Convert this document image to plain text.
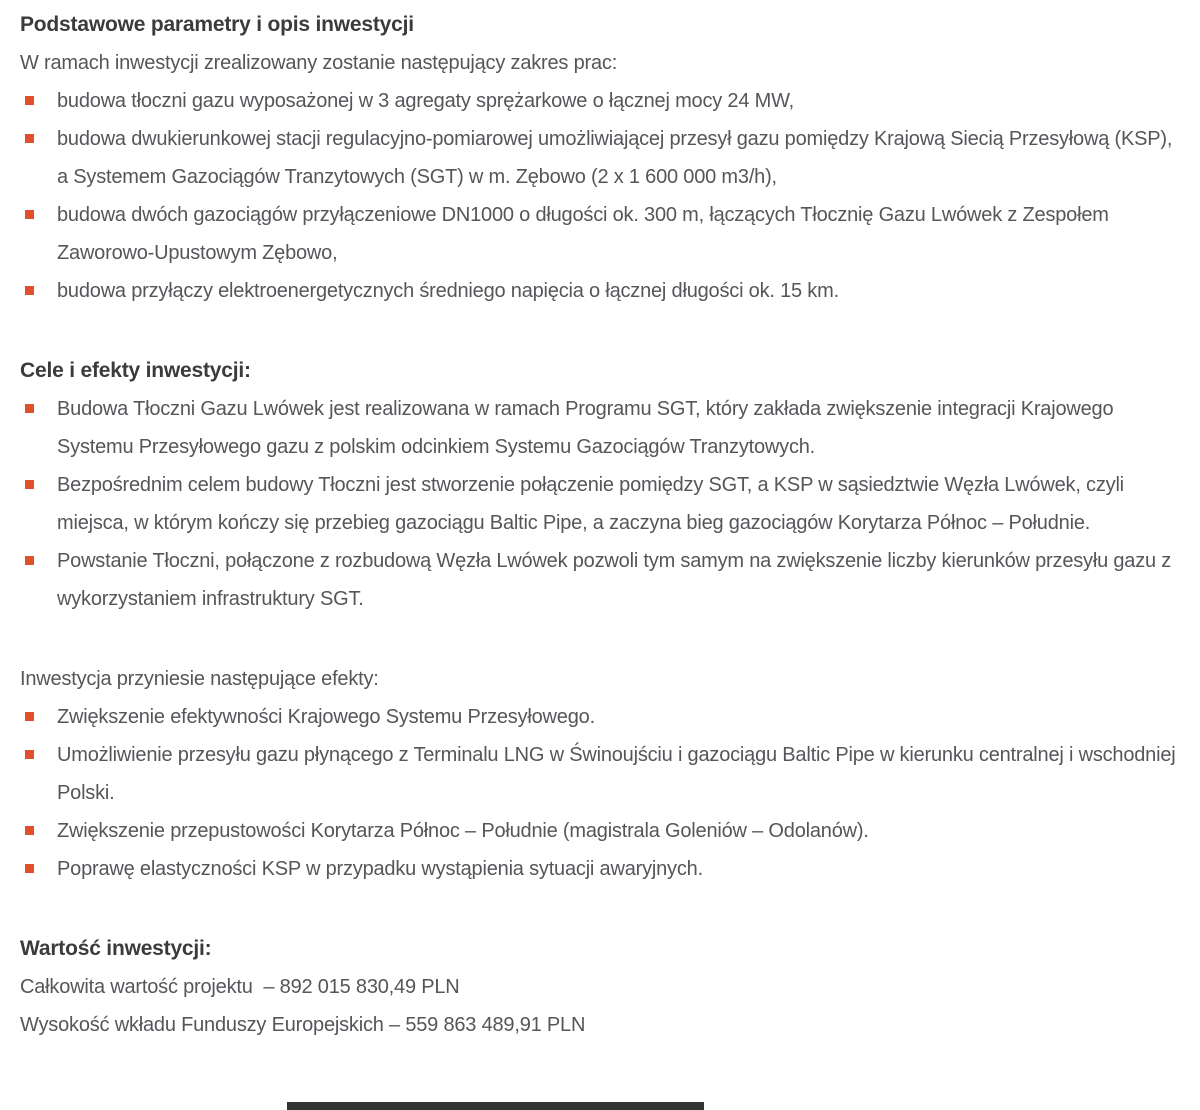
Podstawowe parametry i opis inwestycji

W ramach inwestycji zrealizowany zostanie następujący zakres prac:

budowa tłoczni gazu wyposażonej w 3 agregaty sprężarkowe o łącznej mocy 24 MW,
budowa dwukierunkowej stacji regulacyjno-pomiarowej umożliwiającej przesył gazu pomiędzy Krajową Siecią Przesyłową (KSP), a Systemem Gazociągów Tranzytowych (SGT) w m. Zębowo (2 x 1 600 000 m3/h),
budowa dwóch gazociągów przyłączeniowe DN1000 o długości ok. 300 m, łączących Tłocznię Gazu Lwówek z Zespołem Zaworowo-Upustowym Zębowo,
budowa przyłączy elektroenergetycznych średniego napięcia o łącznej długości ok. 15 km.
Cele i efekty inwestycji:
Budowa Tłoczni Gazu Lwówek jest realizowana w ramach Programu SGT, który zakłada zwiększenie integracji Krajowego Systemu Przesyłowego gazu z polskim odcinkiem Systemu Gazociągów Tranzytowych.
Bezpośrednim celem budowy Tłoczni jest stworzenie połączenie pomiędzy SGT, a KSP w sąsiedztwie Węzła Lwówek, czyli miejsca, w którym kończy się przebieg gazociągu Baltic Pipe, a zaczyna bieg gazociągów Korytarza Północ – Południe.
Powstanie Tłoczni, połączone z rozbudową Węzła Lwówek pozwoli tym samym na zwiększenie liczby kierunków przesyłu gazu z wykorzystaniem infrastruktury SGT.

Inwestycja przyniesie następujące efekty:

Zwiększenie efektywności Krajowego Systemu Przesyłowego.
Umożliwienie przesyłu gazu płynącego z Terminalu LNG w Świnoujściu i gazociągu Baltic Pipe w kierunku centralnej i wschodniej Polski.
Zwiększenie przepustowości Korytarza Północ – Południe (magistrala Goleniów – Odolanów).
Poprawę elastyczności KSP w przypadku wystąpienia sytuacji awaryjnych.
Wartość inwestycji:

Całkowita wartość projektu  – 892 015 830,49 PLN

Wysokość wkładu Funduszy Europejskich – 559 863 489,91 PLN
